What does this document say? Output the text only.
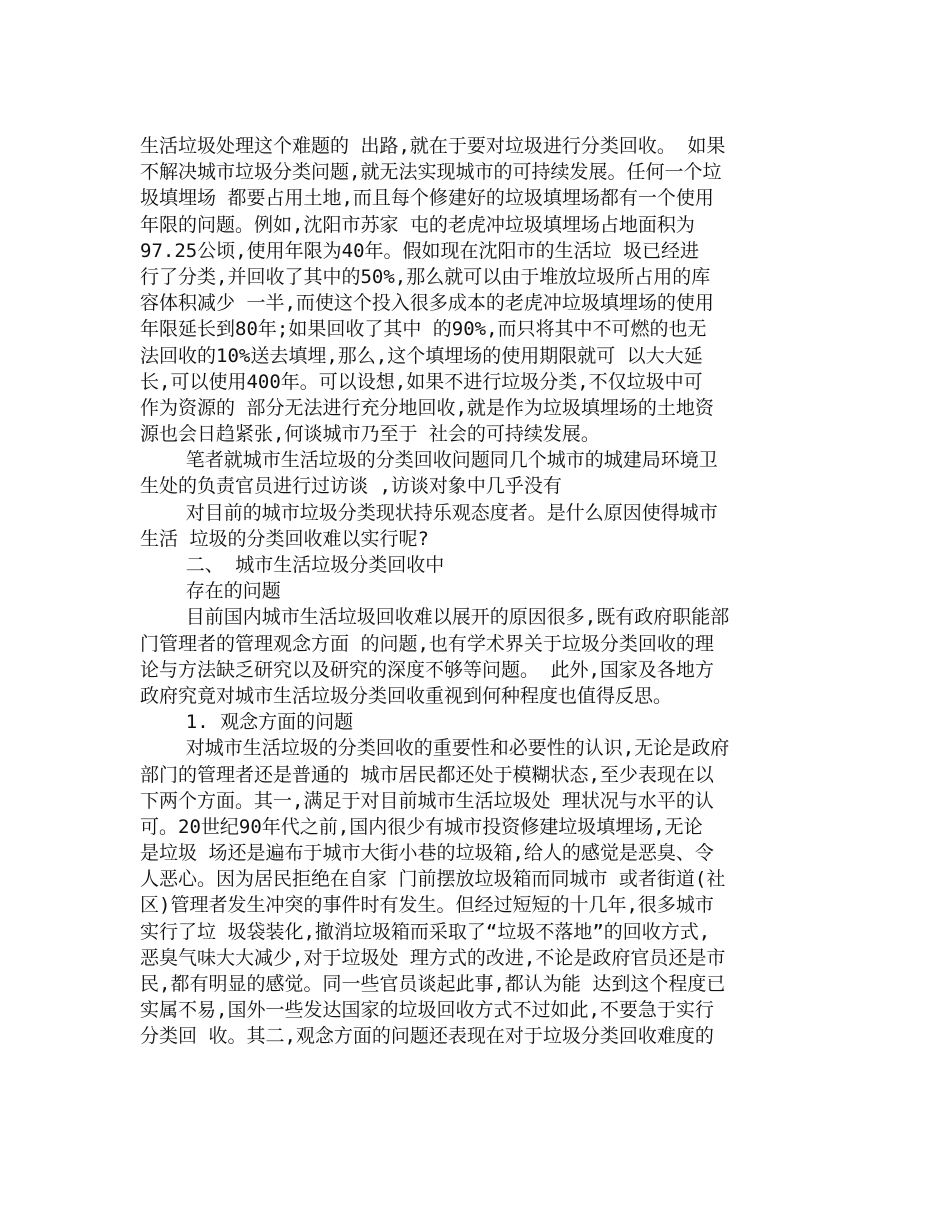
生活垃圾处理这个难题的 出路,就在于要对垃圾进行分类回收。 如果
不解决城市垃圾分类问题,就无法实现城市的可持续发展。任何一个垃
圾填埋场 都要占用土地,而且每个修建好的垃圾填埋场都有一个使用
年限的问题。例如,沈阳市苏家 屯的老虎冲垃圾填埋场占地面积为
97.25公顷,使用年限为40年。假如现在沈阳市的生活垃 圾已经进
行了分类,并回收了其中的50%,那么就可以由于堆放垃圾所占用的库
容体积减少 一半,而使这个投入很多成本的老虎冲垃圾填埋场的使用
年限延长到80年;如果回收了其中 的90%,而只将其中不可燃的也无
法回收的10%送去填埋,那么,这个填埋场的使用期限就可 以大大延
长,可以使用400年。可以设想,如果不进行垃圾分类,不仅垃圾中可
作为资源的 部分无法进行充分地回收,就是作为垃圾填埋场的土地资
源也会日趋紧张,何谈城市乃至于 社会的可持续发展。
笔者就城市生活垃圾的分类回收问题同几个城市的城建局环境卫
生处的负责官员进行过访谈 ,访谈对象中几乎没有
对目前的城市垃圾分类现状持乐观态度者。是什么原因使得城市
生活 垃圾的分类回收难以实行呢?
二、 城市生活垃圾分类回收中
存在的问题
目前国内城市生活垃圾回收难以展开的原因很多,既有政府职能部
门管理者的管理观念方面 的问题,也有学术界关于垃圾分类回收的理
论与方法缺乏研究以及研究的深度不够等问题。 此外,国家及各地方
政府究竟对城市生活垃圾分类回收重视到何种程度也值得反思。
1. 观念方面的问题
对城市生活垃圾的分类回收的重要性和必要性的认识,无论是政府
部门的管理者还是普通的 城市居民都还处于模糊状态,至少表现在以
下两个方面。其一,满足于对目前城市生活垃圾处 理状况与水平的认
可。20世纪90年代之前,国内很少有城市投资修建垃圾填埋场,无论
是垃圾 场还是遍布于城市大街小巷的垃圾箱,给人的感觉是恶臭、令
人恶心。因为居民拒绝在自家 门前摆放垃圾箱而同城市 或者街道(社
区)管理者发生冲突的事件时有发生。但经过短短的十几年,很多城市
实行了垃 圾袋装化,撤消垃圾箱而采取了“垃圾不落地”的回收方式,
恶臭气味大大减少,对于垃圾处 理方式的改进,不论是政府官员还是市
民,都有明显的感觉。同一些官员谈起此事,都认为能 达到这个程度已
实属不易,国外一些发达国家的垃圾回收方式不过如此,不要急于实行
分类回 收。其二,观念方面的问题还表现在对于垃圾分类回收难度的
